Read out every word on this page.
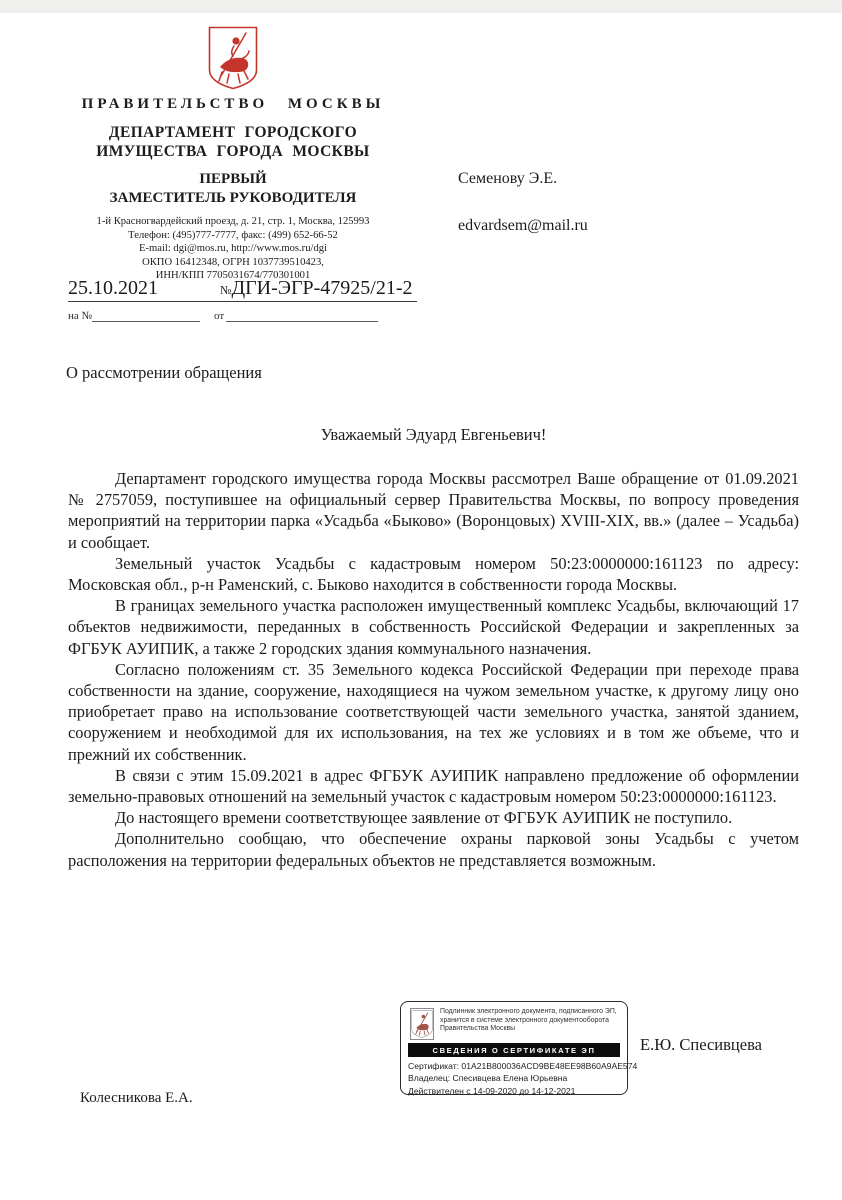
ПРАВИТЕЛЬСТВО МОСКВЫ
ДЕПАРТАМЕНТ ГОРОДСКОГО
ИМУЩЕСТВА ГОРОДА МОСКВЫ
ПЕРВЫЙ
ЗАМЕСТИТЕЛЬ РУКОВОДИТЕЛЯ
1-й Красногвардейский проезд, д. 21, стр. 1, Москва, 125993
Телефон: (495)777-7777, факс: (499) 652-66-52
E-mail: dgi@mos.ru, http://www.mos.ru/dgi
ОКПО 16412348, ОГРН 1037739510423,
ИНН/КПП 7705031674/770301001
25.10.2021	№ДГИ-ЭГР-47925/21-2
на №	от
Семенову Э.Е.
edvardsem@mail.ru
О рассмотрении обращения
Уважаемый Эдуард Евгеньевич!

Департамент городского имущества города Москвы рассмотрел Ваше обращение от 01.09.2021 № 2757059, поступившее на официальный сервер Правительства Москвы, по вопросу проведения мероприятий на территории парка «Усадьба «Быково» (Воронцовых) XVIII-XIX, вв.» (далее – Усадьба) и сообщает.

Земельный участок Усадьбы с кадастровым номером 50:23:0000000:161123 по адресу: Московская обл., р-н Раменский, с. Быково находится в собственности города Москвы.

В границах земельного участка расположен имущественный комплекс Усадьбы, включающий 17 объектов недвижимости, переданных в собственность Российской Федерации и закрепленных за ФГБУК АУИПИК, а также 2 городских здания коммунального назначения.

Согласно положениям ст. 35 Земельного кодекса Российской Федерации при переходе права собственности на здание, сооружение, находящиеся на чужом земельном участке, к другому лицу оно приобретает право на использование соответствующей части земельного участка, занятой зданием, сооружением и необходимой для их использования, на тех же условиях и в том же объеме, что и прежний их собственник.

В связи с этим 15.09.2021 в адрес ФГБУК АУИПИК направлено предложение об оформлении земельно-правовых отношений на земельный участок с кадастровым номером 50:23:0000000:161123.

До настоящего времени соответствующее заявление от ФГБУК АУИПИК не поступило.

Дополнительно сообщаю, что обеспечение охраны парковой зоны Усадьбы с учетом расположения на территории федеральных объектов не представляется возможным.

Подлинник электронного документа, подписанного ЭП, хранится в системе электронного документооборота Правительства Москвы
СВЕДЕНИЯ О СЕРТИФИКАТЕ ЭП
Сертификат: 01A21B800036ACD9BE48EE98B60A9AE574
Владелец: Спесивцева Елена Юрьевна
Действителен с 14-09-2020 до 14-12-2021
Е.Ю. Спесивцева
Колесникова Е.А.
